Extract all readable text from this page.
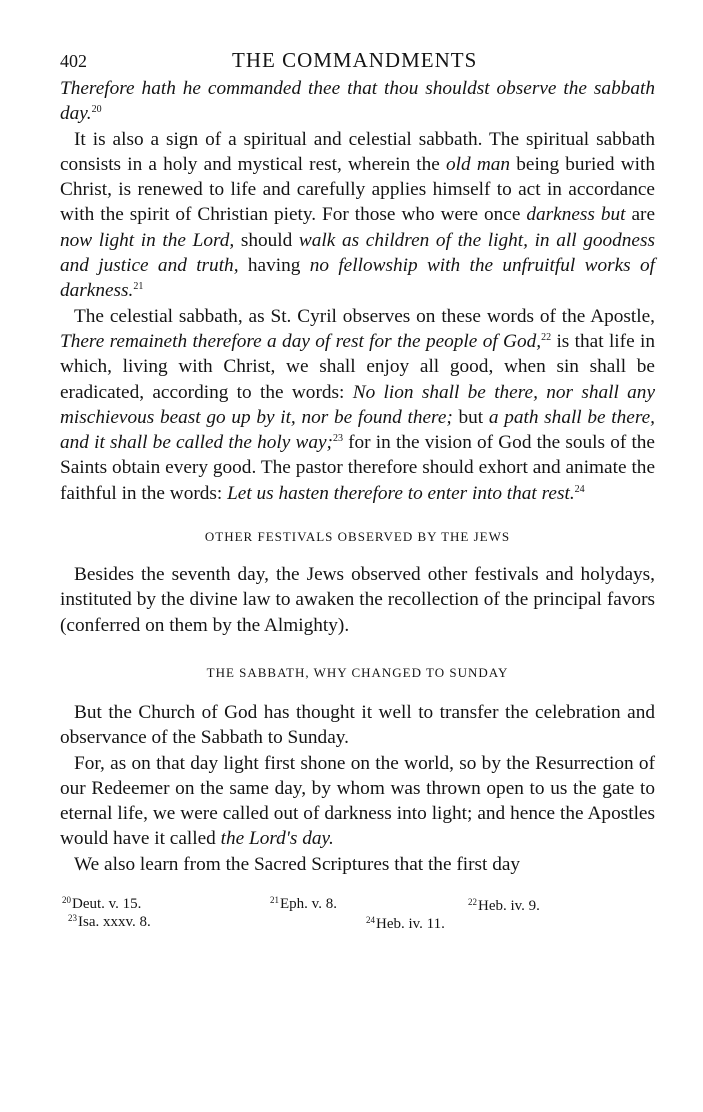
402	THE COMMANDMENTS

Therefore hath he commanded thee that thou shouldst observe the sabbath day.$^{20}$

It is also a sign of a spiritual and celestial sabbath. The spiritual sabbath consists in a holy and mystical rest, wherein the old man being buried with Christ, is renewed to life and carefully applies himself to act in accordance with the spirit of Christian piety. For those who were once darkness but are now light in the Lord, should walk as children of the light, in all goodness and justice and truth, having no fellowship with the unfruitful works of darkness.$^{21}$

The celestial sabbath, as St. Cyril observes on these words of the Apostle, There remaineth therefore a day of rest for the people of God,$^{22}$ is that life in which, living with Christ, we shall enjoy all good, when sin shall be eradicated, according to the words: No lion shall be there, nor shall any mischievous beast go up by it, nor be found there; but a path shall be there, and it shall be called the holy way;$^{23}$ for in the vision of God the souls of the Saints obtain every good. The pastor therefore should exhort and animate the faithful in the words: Let us hasten therefore to enter into that rest.$^{24}$

OTHER FESTIVALS OBSERVED BY THE JEWS

Besides the seventh day, the Jews observed other festivals and holydays, instituted by the divine law to awaken the recollection of the principal favors (conferred on them by the Almighty).

THE SABBATH, WHY CHANGED TO SUNDAY

But the Church of God has thought it well to transfer the celebration and observance of the Sabbath to Sunday.

For, as on that day light first shone on the world, so by the Resurrection of our Redeemer on the same day, by whom was thrown open to us the gate to eternal life, we were called out of darkness into light; and hence the Apostles would have it called the Lord's day.

We also learn from the Sacred Scriptures that the first day

$^{20}$Deut. v. 15.	$^{21}$Eph. v. 8.	$^{22}$Heb. iv. 9.
$^{23}$Isa. xxxv. 8.	$^{24}$Heb. iv. 11.
